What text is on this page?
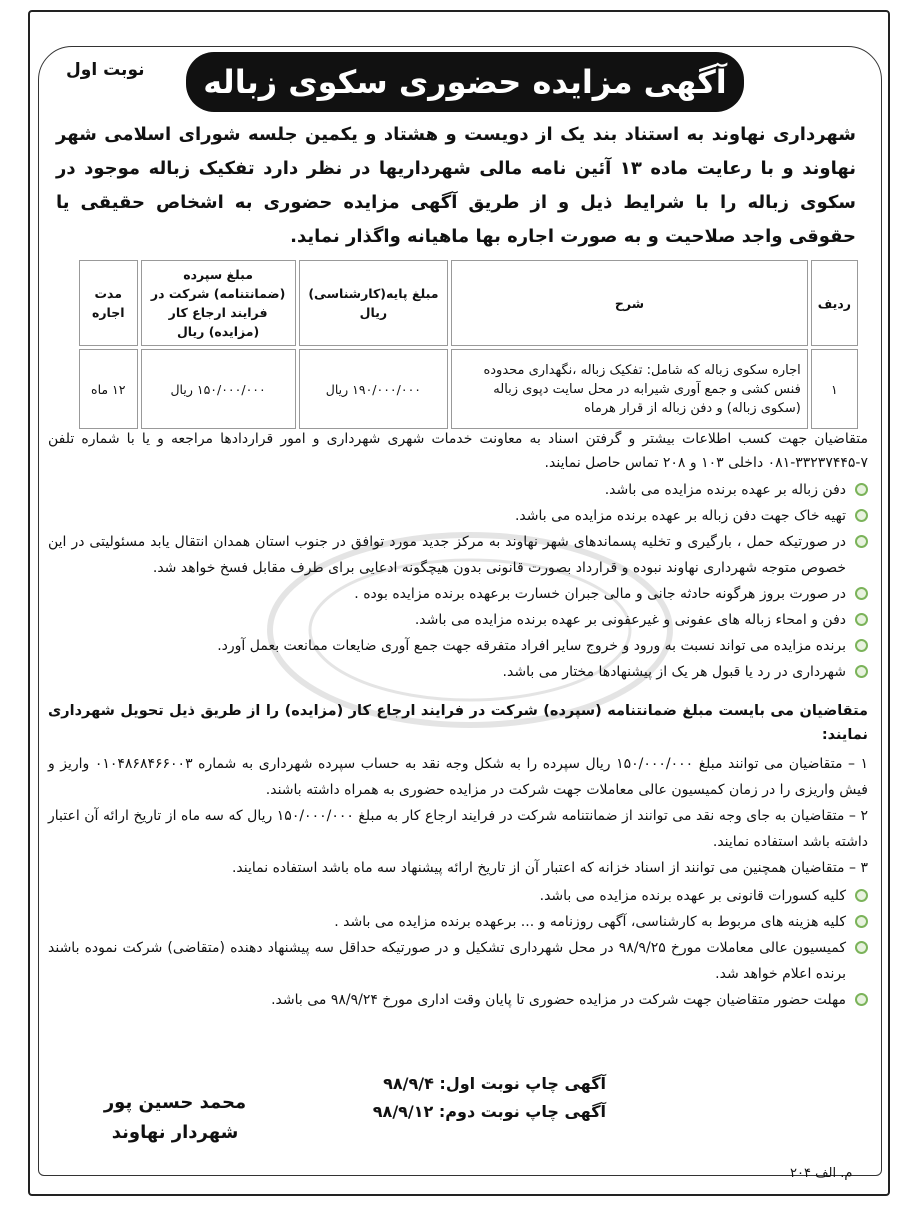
نوبت اول	آگهی مزایده حضوری سکوی زباله
شهرداری نهاوند به استناد بند یک از دویست و هشتاد و یکمین جلسه شورای اسلامی شهر نهاوند و با رعایت ماده ۱۳ آئین نامه مالی شهرداریها در نظر دارد تفکیک زباله موجود در سکوی زباله را با شرایط ذیل و از طریق آگهی مزایده حضوری به اشخاص حقیقی یا حقوقی واجد صلاحیت و به صورت اجاره بها ماهیانه واگذار نماید.
ردیف	شرح	مبلغ پایه(کارشناسی) ریال	مبلغ سپرده (ضمانتنامه) شرکت در فرایند ارجاع کار (مزایده) ریال	مدت اجاره
۱	اجاره سکوی زباله که شامل: تفکیک زباله ،نگهداری محدوده فنس کشی و جمع آوری شیرابه در محل سایت دپوی زباله (سکوی زباله) و دفن زباله از قرار هرماه	۱۹۰/۰۰۰/۰۰۰ ریال	۱۵۰/۰۰۰/۰۰۰ ریال	۱۲ ماه

متقاضیان جهت کسب اطلاعات بیشتر و گرفتن اسناد به معاونت خدمات شهری شهرداری و امور قراردادها مراجعه و یا با شماره تلفن ۷-۳۳۲۳۷۴۴۵-۰۸۱ داخلی ۱۰۳ و ۲۰۸ تماس حاصل نمایند.

دفن زباله بر عهده برنده مزایده می باشد.
تهیه خاک جهت دفن زباله بر عهده برنده مزایده می باشد.
در صورتیکه حمل ، بارگیری و تخلیه پسماندهای شهر نهاوند به مرکز جدید مورد توافق در جنوب استان همدان انتقال یابد مسئولیتی در این خصوص متوجه شهرداری نهاوند نبوده و قرارداد بصورت قانونی بدون هیچگونه ادعایی برای طرف مقابل فسخ خواهد شد.
در صورت بروز هرگونه حادثه جانی و مالی جبران خسارت برعهده برنده مزایده بوده .
دفن و امحاء زباله های عفونی و غیرعفونی بر عهده برنده مزایده می باشد.
برنده مزایده می تواند نسبت به ورود و خروج سایر افراد متفرقه جهت جمع آوری ضایعات ممانعت بعمل آورد.
شهرداری در رد یا قبول هر یک از پیشنهادها مختار می باشد.
متقاضیان می بایست مبلغ ضمانتنامه (سپرده) شرکت در فرایند ارجاع کار (مزایده) را از طریق ذیل تحویل شهرداری نمایند:

۱ – متقاضیان می توانند مبلغ ۱۵۰/۰۰۰/۰۰۰ ریال سپرده را به شکل وجه نقد به حساب سپرده شهرداری به شماره ۰۱۰۴۸۶۸۴۶۶۰۰۳ واریز و فیش واریزی را در زمان کمیسیون عالی معاملات جهت شرکت در مزایده حضوری به همراه داشته باشند.

۲ – متقاضیان به جای وجه نقد می توانند از ضمانتنامه شرکت در فرایند ارجاع کار به مبلغ ۱۵۰/۰۰۰/۰۰۰ ریال که سه ماه از تاریخ ارائه آن اعتبار داشته باشد استفاده نمایند.

۳ – متقاضیان همچنین می توانند از اسناد خزانه که اعتبار آن از تاریخ ارائه پیشنهاد سه ماه باشد استفاده نمایند.

کلیه کسورات قانونی بر عهده برنده مزایده می باشد.
کلیه هزینه های مربوط به کارشناسی، آگهی روزنامه و ... برعهده برنده مزایده می باشد .
کمیسیون عالی معاملات مورخ ۹۸/۹/۲۵ در محل شهرداری تشکیل و در صورتیکه حداقل سه پیشنهاد دهنده (متقاضی) شرکت نموده باشند برنده اعلام خواهد شد.
مهلت حضور متقاضیان جهت شرکت در مزایده حضوری تا پایان وقت اداری مورخ ۹۸/۹/۲۴ می باشد.
آگهی چاپ نوبت اول: ۹۸/۹/۴
آگهی چاپ نوبت دوم: ۹۸/۹/۱۲
محمد حسین پور
شهردار نهاوند
م. الف ۲۰۴
